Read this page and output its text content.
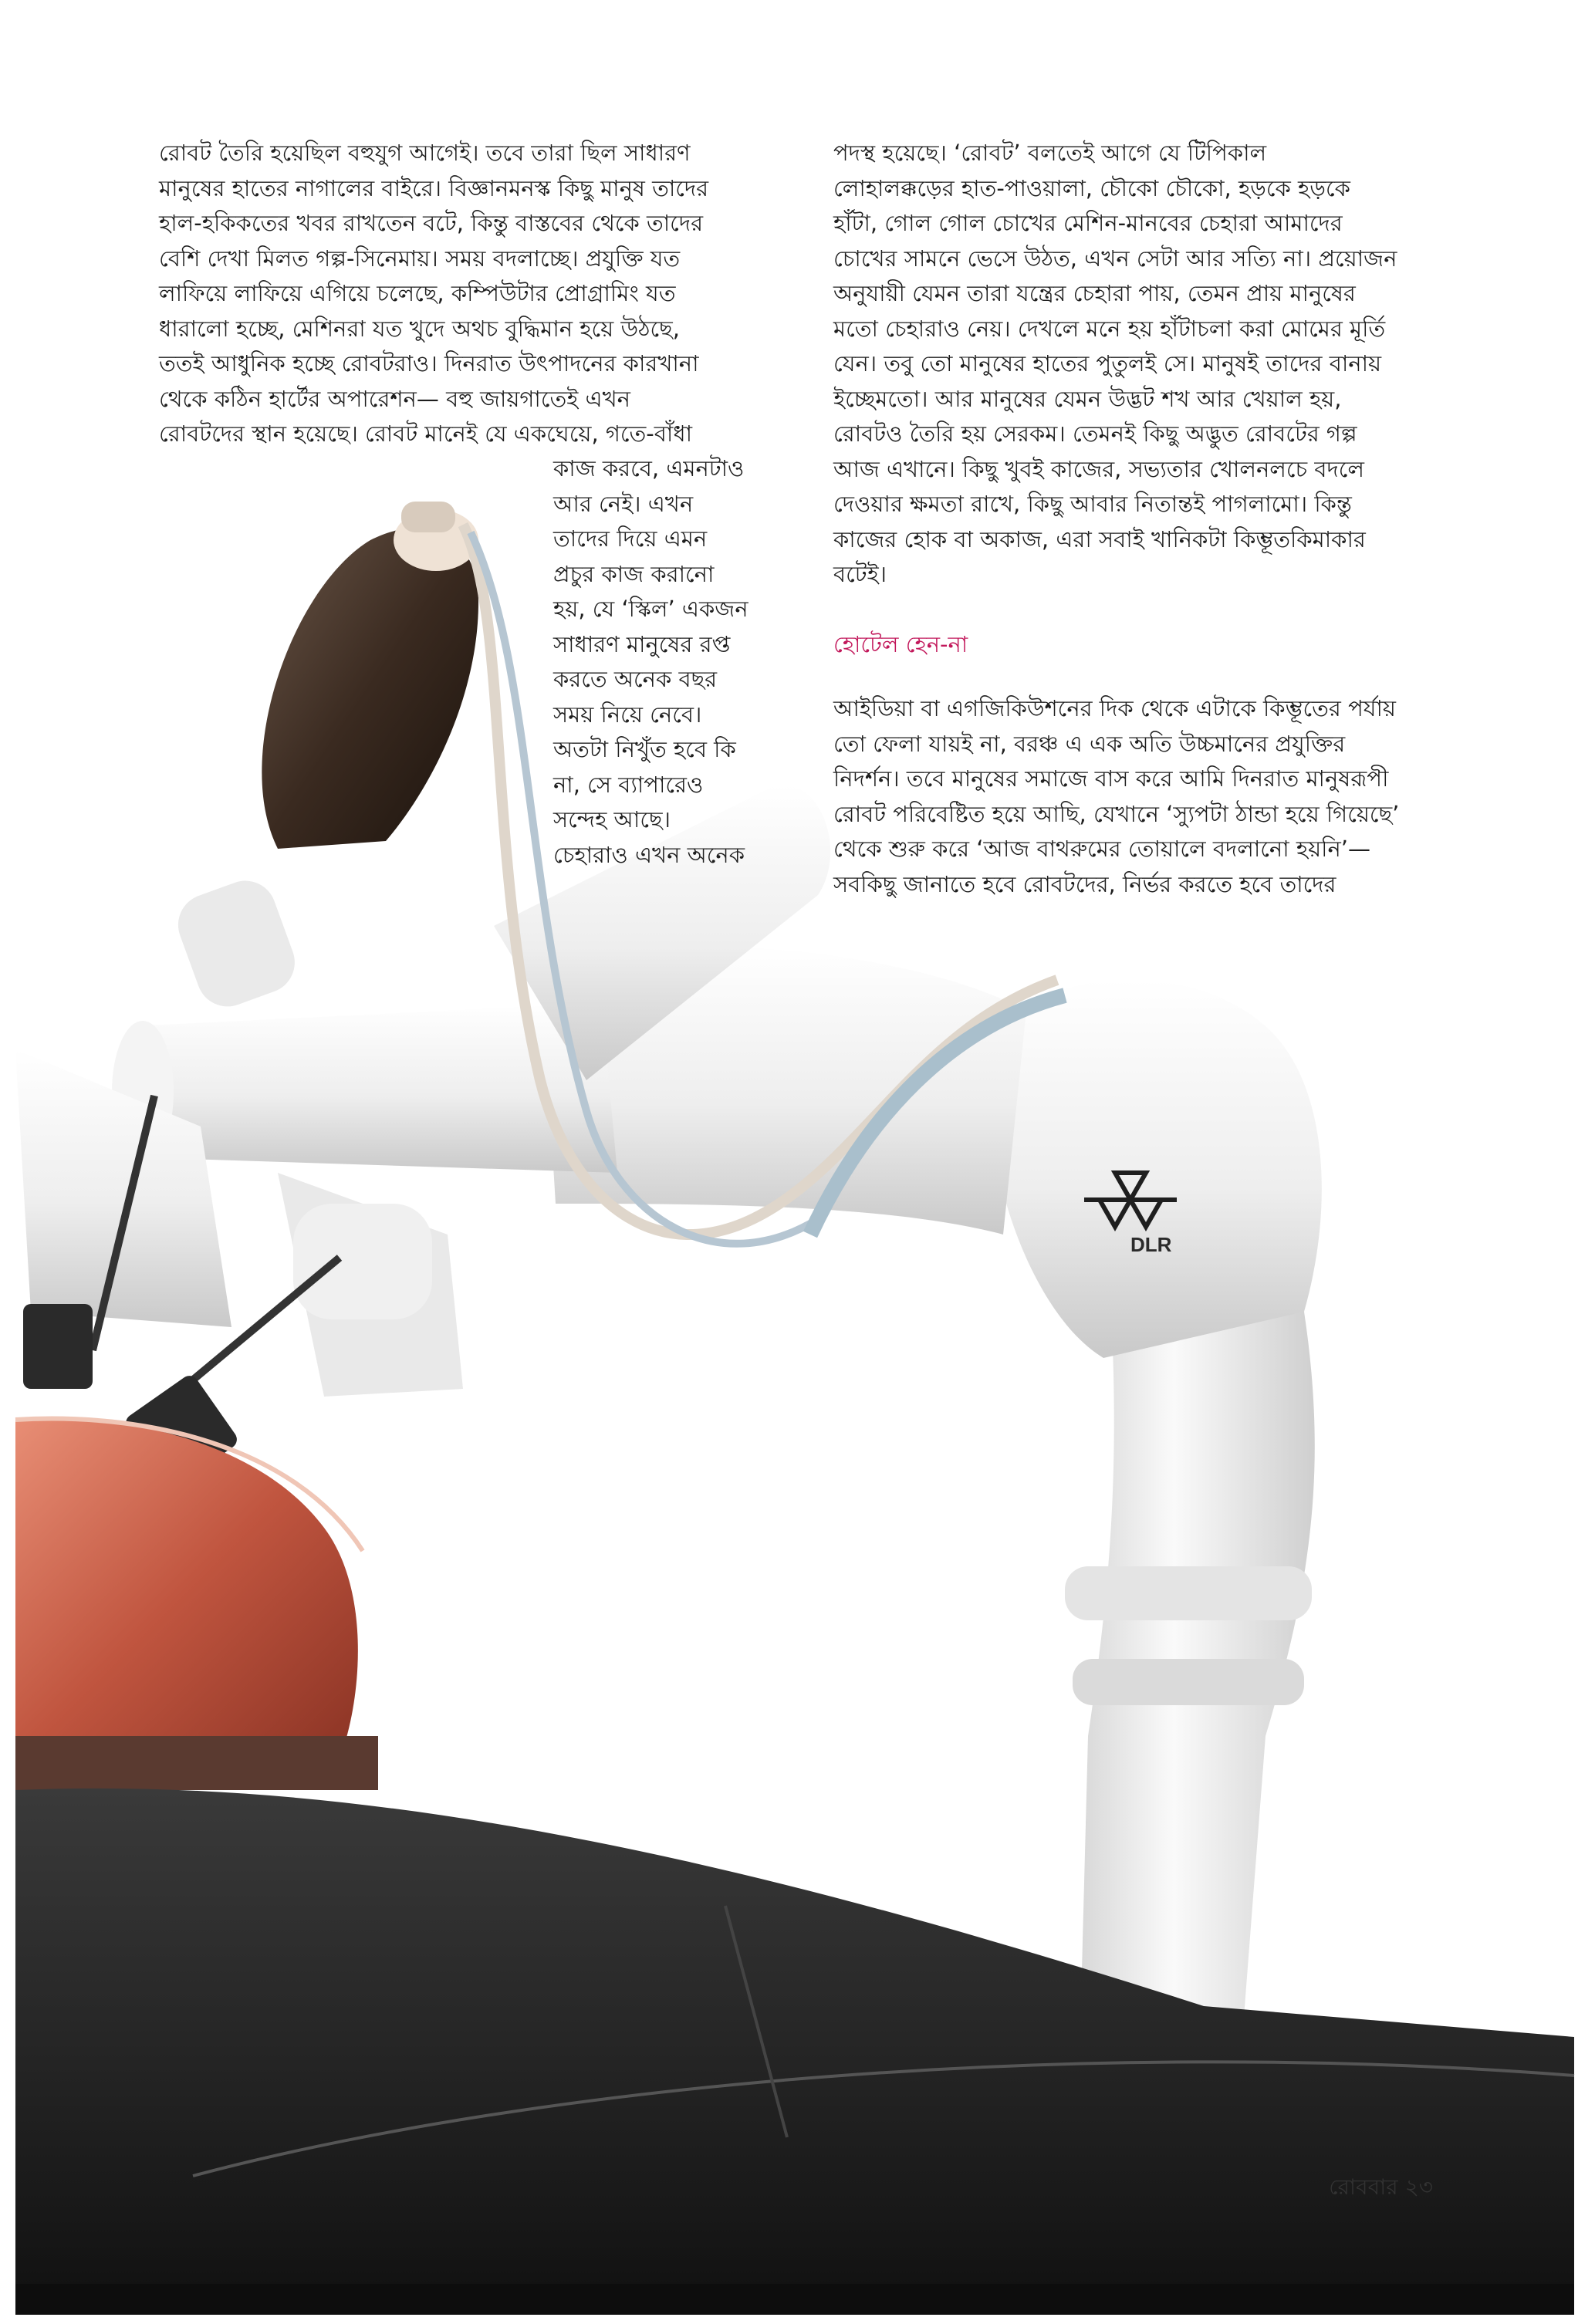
DLR

রোবট তৈরি হয়েছিল বহুযুগ আগেই। তবে তারা ছিল সাধারণ

মানুষের হাতের নাগালের বাইরে। বিজ্ঞানমনস্ক কিছু মানুষ তাদের

হাল-হকিকতের খবর রাখতেন বটে, কিন্তু বাস্তবের থেকে তাদের

বেশি দেখা মিলত গল্প-সিনেমায়। সময় বদলাচ্ছে। প্রযুক্তি যত

লাফিয়ে লাফিয়ে এগিয়ে চলেছে, কম্পিউটার প্রোগ্রামিং যত

ধারালো হচ্ছে, মেশিনরা যত খুদে অথচ বুদ্ধিমান হয়ে উঠছে,

ততই আধুনিক হচ্ছে রোবটরাও। দিনরাত উৎপাদনের কারখানা

থেকে কঠিন হার্টের অপারেশন— বহু জায়গাতেই এখন

রোবটদের স্থান হয়েছে। রোবট মানেই যে একঘেয়ে, গতে-বাঁধা

কাজ করবে, এমনটাও

আর নেই। এখন

তাদের দিয়ে এমন

প্রচুর কাজ করানো

হয়, যে ‘স্কিল’ একজন

সাধারণ মানুষের রপ্ত

করতে অনেক বছর

সময় নিয়ে নেবে।

অতটা নিখুঁত হবে কি

না, সে ব্যাপারেও

সন্দেহ আছে।

চেহারাও এখন অনেক

পদস্থ হয়েছে। ‘রোবট’ বলতেই আগে যে টিপিকাল

লোহালক্কড়ের হাত-পাওয়ালা, চৌকো চৌকো, হড়কে হড়কে

হাঁটা, গোল গোল চোখের মেশিন-মানবের চেহারা আমাদের

চোখের সামনে ভেসে উঠত, এখন সেটা আর সত্যি না। প্রয়োজন

অনুযায়ী যেমন তারা যন্ত্রের চেহারা পায়, তেমন প্রায় মানুষের

মতো চেহারাও নেয়। দেখলে মনে হয় হাঁটাচলা করা মোমের মূর্তি

যেন। তবু তো মানুষের হাতের পুতুলই সে। মানুষই তাদের বানায়

ইচ্ছেমতো। আর মানুষের যেমন উদ্ভট শখ আর খেয়াল হয়,

রোবটও তৈরি হয় সেরকম। তেমনই কিছু অদ্ভুত রোবটের গল্প

আজ এখানে। কিছু খুবই কাজের, সভ্যতার খোলনলচে বদলে

দেওয়ার ক্ষমতা রাখে, কিছু আবার নিতান্তই পাগলামো। কিন্তু

কাজের হোক বা অকাজ, এরা সবাই খানিকটা কিম্ভূতকিমাকার

বটেই।

হোটেল হেন-না

আইডিয়া বা এগজিকিউশনের দিক থেকে এটাকে কিম্ভূতের পর্যায়

তো ফেলা যায়ই না, বরঞ্চ এ এক অতি উচ্চমানের প্রযুক্তির

নিদর্শন। তবে মানুষের সমাজে বাস করে আমি দিনরাত মানুষরূপী

রোবট পরিবেষ্টিত হয়ে আছি, যেখানে ‘স্যুপটা ঠান্ডা হয়ে গিয়েছে’

থেকে শুরু করে ‘আজ বাথরুমের তোয়ালে বদলানো হয়নি’—

সবকিছু জানাতে হবে রোবটদের, নির্ভর করতে হবে তাদের

রোববার ২৩
